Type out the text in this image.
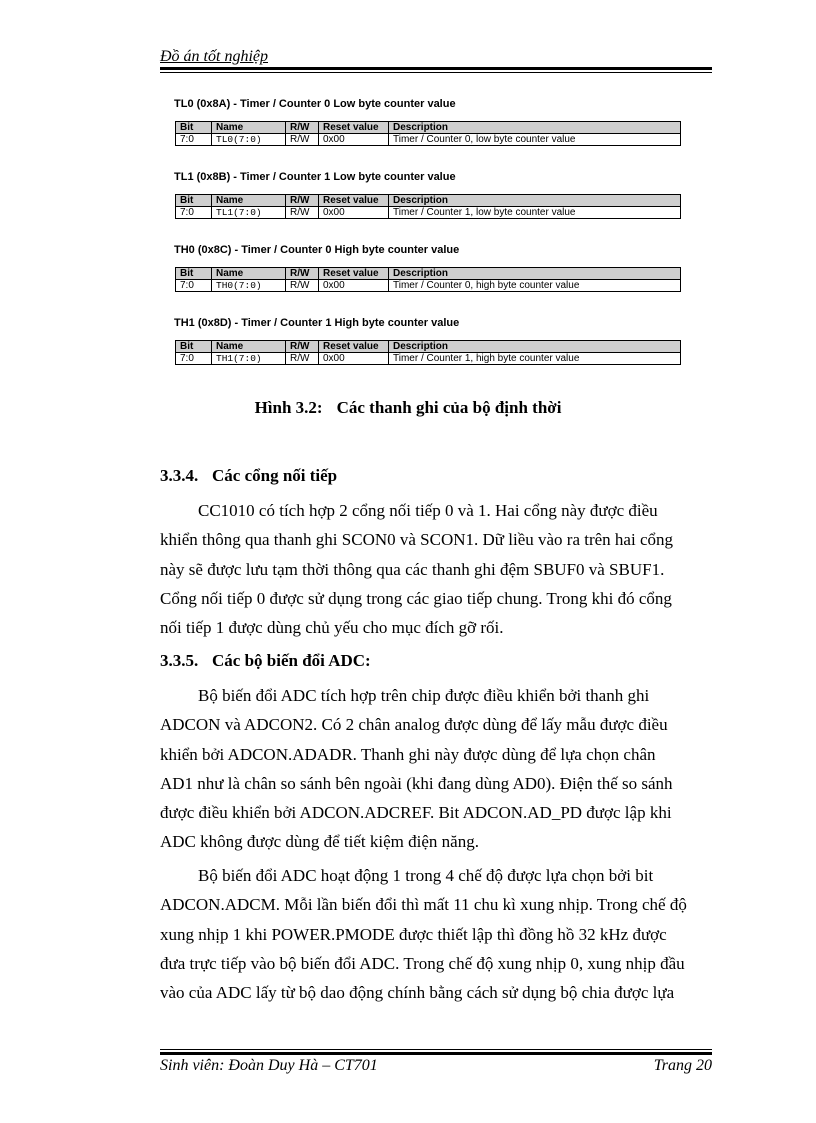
Đồ án tốt nghiệp
TL0 (0x8A) - Timer / Counter 0 Low byte counter value
Bit	Name	R/W	Reset value	Description
7:0	TL0(7:0)	R/W	0x00	Timer / Counter 0, low byte counter value
TL1 (0x8B) - Timer / Counter 1 Low byte counter value
Bit	Name	R/W	Reset value	Description
7:0	TL1(7:0)	R/W	0x00	Timer / Counter 1, low byte counter value
TH0 (0x8C) - Timer / Counter 0 High byte counter value
Bit	Name	R/W	Reset value	Description
7:0	TH0(7:0)	R/W	0x00	Timer / Counter 0, high byte counter value
TH1 (0x8D) - Timer / Counter 1 High byte counter value
Bit	Name	R/W	Reset value	Description
7:0	TH1(7:0)	R/W	0x00	Timer / Counter 1, high byte counter value
Hình 3.2: Các thanh ghi của bộ định thời
3.3.4. Các cổng nối tiếp
CC1010 có tích hợp 2 cổng nối tiếp 0 và 1. Hai cổng này được điều
khiển thông qua thanh ghi SCON0 và SCON1. Dữ liều vào ra trên hai cổng
này sẽ được lưu tạm thời thông qua các thanh ghi đệm SBUF0 và SBUF1.
Cổng nối tiếp 0 được sử dụng trong các giao tiếp chung. Trong khi đó cổng
nối tiếp 1 được dùng chủ yếu cho mục đích gỡ rối.
3.3.5. Các bộ biến đổi ADC:
Bộ biến đổi ADC tích hợp trên chip được điều khiển bởi thanh ghi
ADCON và ADCON2. Có 2 chân analog được dùng để lấy mẫu được điều
khiển bởi ADCON.ADADR. Thanh ghi này được dùng để lựa chọn chân
AD1 như là chân so sánh bên ngoài (khi đang dùng AD0). Điện thế so sánh
được điều khiển bởi ADCON.ADCREF. Bit ADCON.AD_PD được lập khi
ADC không được dùng để tiết kiệm điện năng.
Bộ biến đổi ADC hoạt động 1 trong 4 chế độ được lựa chọn bởi bit
ADCON.ADCM. Mỗi lần biến đổi thì mất 11 chu kì xung nhịp. Trong chế độ
xung nhịp 1 khi POWER.PMODE được thiết lập thì đồng hồ 32 kHz được
đưa trực tiếp vào bộ biến đổi ADC. Trong chế độ xung nhịp 0, xung nhịp đầu
vào của ADC lấy từ bộ dao động chính bằng cách sử dụng bộ chia được lựa
Sinh viên: Đoàn Duy Hà – CT701	Trang 20
